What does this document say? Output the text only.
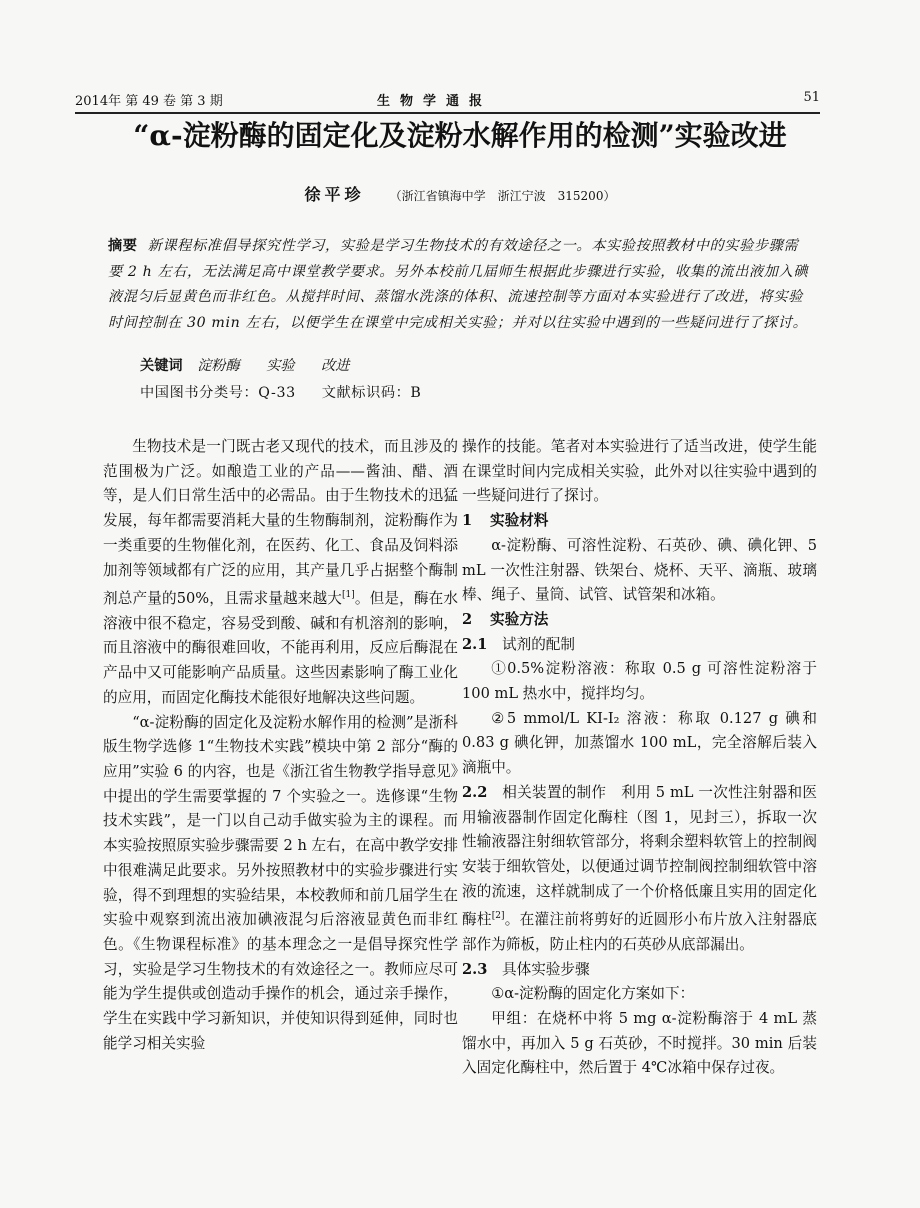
2014年 第 49 卷 第 3 期	生物学通报	51
“α-淀粉酶的固定化及淀粉水解作用的检测”实验改进
徐平珍 （浙江省镇海中学　浙江宁波　315200）
摘要 新课程标准倡导探究性学习，实验是学习生物技术的有效途径之一。本实验按照教材中的实验步骤需要 2 h 左右，无法满足高中课堂教学要求。另外本校前几届师生根据此步骤进行实验，收集的流出液加入碘液混匀后显黄色而非红色。从搅拌时间、蒸馏水洗涤的体积、流速控制等方面对本实验进行了改进，将实验时间控制在 30 min 左右，以便学生在课堂中完成相关实验；并对以往实验中遇到的一些疑问进行了探讨。
关键词 淀粉酶 实验 改进
中国图书分类号：Q-33 文献标识码：B

生物技术是一门既古老又现代的技术，而且涉及的范围极为广泛。如酿造工业的产品——酱油、醋、酒等，是人们日常生活中的必需品。由于生物技术的迅猛发展，每年都需要消耗大量的生物酶制剂，淀粉酶作为一类重要的生物催化剂，在医药、化工、食品及饲料添加剂等领域都有广泛的应用，其产量几乎占据整个酶制剂总产量的50%，且需求量越来越大[1]。但是，酶在水溶液中很不稳定，容易受到酸、碱和有机溶剂的影响，而且溶液中的酶很难回收，不能再利用，反应后酶混在产品中又可能影响产品质量。这些因素影响了酶工业化的应用，而固定化酶技术能很好地解决这些问题。

“α-淀粉酶的固定化及淀粉水解作用的检测”是浙科版生物学选修 1“生物技术实践”模块中第 2 部分“酶的应用”实验 6 的内容，也是《浙江省生物教学指导意见》中提出的学生需要掌握的 7 个实验之一。选修课“生物技术实践”，是一门以自己动手做实验为主的课程。而本实验按照原实验步骤需要 2 h 左右，在高中教学安排中很难满足此要求。另外按照教材中的实验步骤进行实验，得不到理想的实验结果，本校教师和前几届学生在实验中观察到流出液加碘液混匀后溶液显黄色而非红色。《生物课程标准》的基本理念之一是倡导探究性学习，实验是学习生物技术的有效途径之一。教师应尽可能为学生提供或创造动手操作的机会，通过亲手操作，学生在实践中学习新知识，并使知识得到延伸，同时也能学习相关实验

操作的技能。笔者对本实验进行了适当改进，使学生能在课堂时间内完成相关实验，此外对以往实验中遇到的一些疑问进行了探讨。

1 实验材料

α-淀粉酶、可溶性淀粉、石英砂、碘、碘化钾、5 mL 一次性注射器、铁架台、烧杯、天平、滴瓶、玻璃棒、绳子、量筒、试管、试管架和冰箱。

2 实验方法

2.1 试剂的配制

①0.5%淀粉溶液：称取 0.5 g 可溶性淀粉溶于 100 mL 热水中，搅拌均匀。

②5 mmol/L KI-I₂ 溶液：称取 0.127 g 碘和 0.83 g 碘化钾，加蒸馏水 100 mL，完全溶解后装入滴瓶中。

2.2 相关装置的制作　 利用 5 mL 一次性注射器和医用输液器制作固定化酶柱（图 1，见封三），拆取一次性输液器注射细软管部分，将剩余塑料软管上的控制阀安装于细软管处，以便通过调节控制阀控制细软管中溶液的流速，这样就制成了一个价格低廉且实用的固定化酶柱[2]。在灌注前将剪好的近圆形小布片放入注射器底部作为筛板，防止柱内的石英砂从底部漏出。

2.3 具体实验步骤

①α-淀粉酶的固定化方案如下：

甲组：在烧杯中将 5 mg α-淀粉酶溶于 4 mL 蒸馏水中，再加入 5 g 石英砂，不时搅拌。30 min 后装入固定化酶柱中，然后置于 4℃冰箱中保存过夜。
